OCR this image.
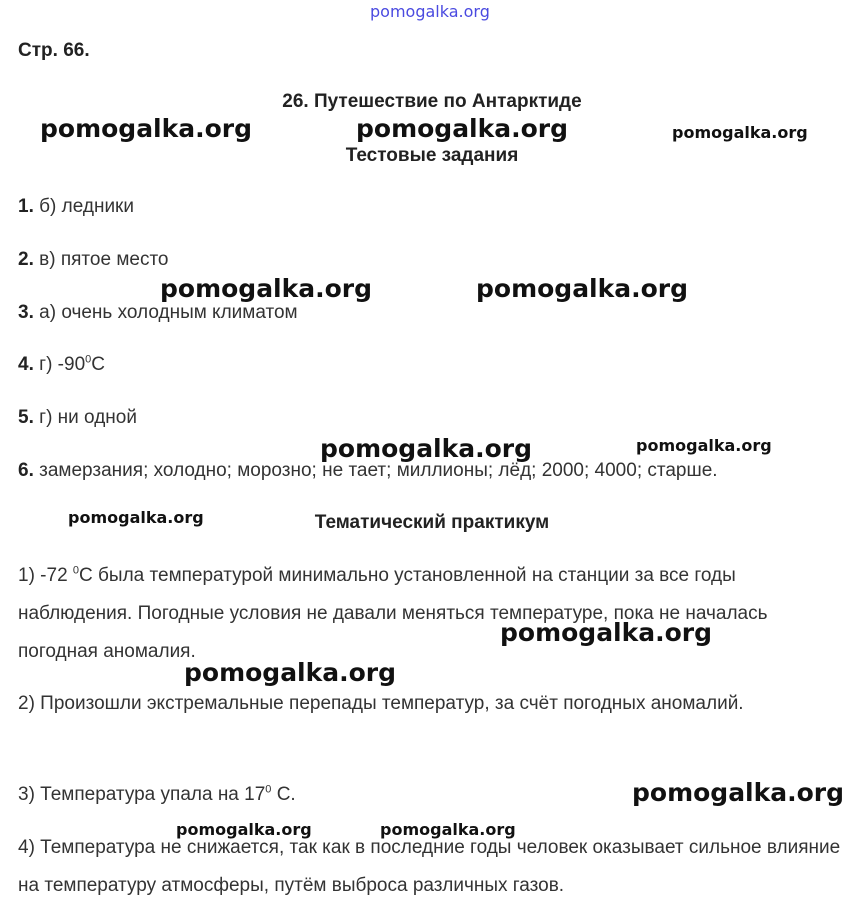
pomogalka.org
Стр. 66.
26. Путешествие по Антарктиде
Тестовые задания
1. б) ледники
2. в) пятое место
3. а) очень холодным климатом
4. г) $-90^0С$
5. г) ни одной
6. замерзания; холодно; морозно; не тает; миллионы; лёд; 2000; 4000; старше.
Тематический практикум

1) -72 $^0$С была температурой минимально установленной на станции за все годы наблюдения. Погодные условия не давали меняться температуре, пока не началась погодная аномалия.

2) Произошли экстремальные перепады температур, за счёт погодных аномалий.

3) Температура упала на $17^0$ С.

4) Температура не снижается, так как в последние годы человек оказывает сильное влияние на температуру атмосферы, путём выброса различных газов.

pomogalka.org	pomogalka.org	pomogalka.org
pomogalka.org	pomogalka.org
pomogalka.org	pomogalka.org
pomogalka.org
pomogalka.org
pomogalka.org
pomogalka.org
pomogalka.org	pomogalka.org
